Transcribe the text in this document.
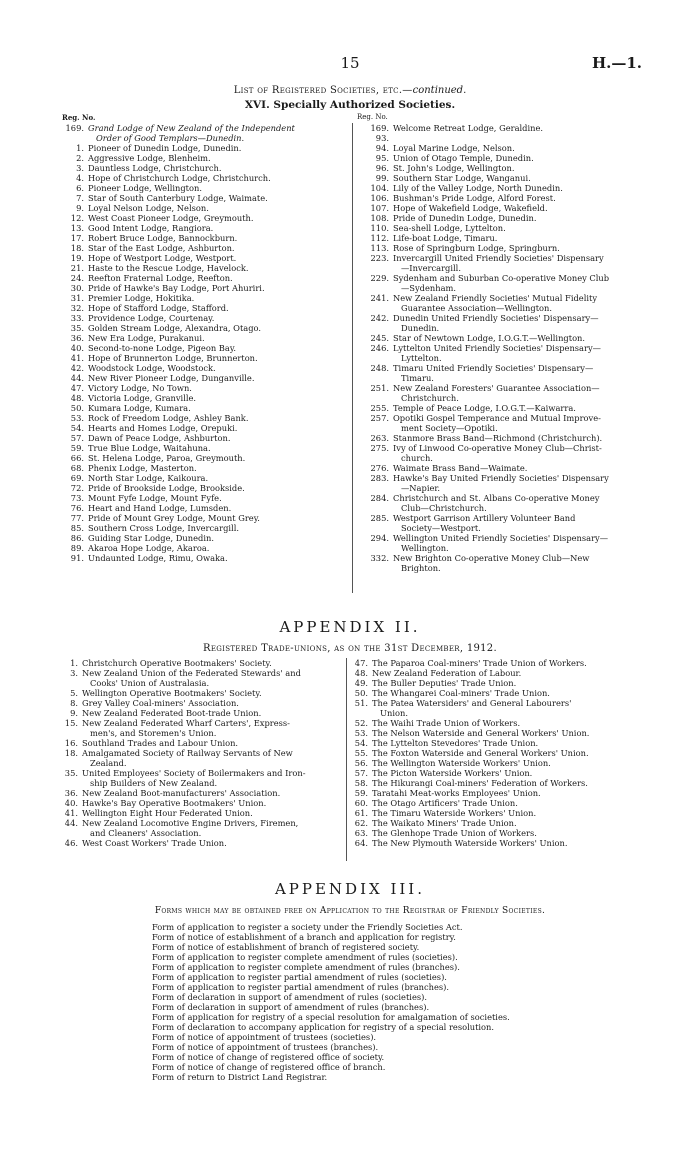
15	H.—1.
List of Registered Societies, etc.—continued.
XVI. Specially Authorized Societies.
Reg. No.	Reg. No.
169. Grand Lodge of New Zealand of the Independent
Order of Good Templars—Dunedin.
1. Pioneer of Dunedin Lodge, Dunedin.
2. Aggressive Lodge, Blenheim.
3. Dauntless Lodge, Christchurch.
4. Hope of Christchurch Lodge, Christchurch.
6. Pioneer Lodge, Wellington.
7. Star of South Canterbury Lodge, Waimate.
9. Loyal Nelson Lodge, Nelson.
12. West Coast Pioneer Lodge, Greymouth.
13. Good Intent Lodge, Rangiora.
17. Robert Bruce Lodge, Bannockburn.
18. Star of the East Lodge, Ashburton.
19. Hope of Westport Lodge, Westport.
21. Haste to the Rescue Lodge, Havelock.
24. Reefton Fraternal Lodge, Reefton.
30. Pride of Hawke's Bay Lodge, Port Ahuriri.
31. Premier Lodge, Hokitika.
32. Hope of Stafford Lodge, Stafford.
33. Providence Lodge, Courtenay.
35. Golden Stream Lodge, Alexandra, Otago.
36. New Era Lodge, Purakanui.
40. Second-to-none Lodge, Pigeon Bay.
41. Hope of Brunnerton Lodge, Brunnerton.
42. Woodstock Lodge, Woodstock.
44. New River Pioneer Lodge, Dunganville.
47. Victory Lodge, No Town.
48. Victoria Lodge, Granville.
50. Kumara Lodge, Kumara.
53. Rock of Freedom Lodge, Ashley Bank.
54. Hearts and Homes Lodge, Orepuki.
57. Dawn of Peace Lodge, Ashburton.
59. True Blue Lodge, Waitahuna.
66. St. Helena Lodge, Paroa, Greymouth.
68. Phenix Lodge, Masterton.
69. North Star Lodge, Kaikoura.
72. Pride of Brookside Lodge, Brookside.
73. Mount Fyfe Lodge, Mount Fyfe.
76. Heart and Hand Lodge, Lumsden.
77. Pride of Mount Grey Lodge, Mount Grey.
85. Southern Cross Lodge, Invercargill.
86. Guiding Star Lodge, Dunedin.
89. Akaroa Hope Lodge, Akaroa.
91. Undaunted Lodge, Rimu, Owaka.
169. 93.
Welcome Retreat Lodge, Geraldine.
94. Loyal Marine Lodge, Nelson.
95. Union of Otago Temple, Dunedin.
96. St. John's Lodge, Wellington.
99. Southern Star Lodge, Wanganui.
104. Lily of the Valley Lodge, North Dunedin.
106. Bushman's Pride Lodge, Alford Forest.
107. Hope of Wakefield Lodge, Wakefield.
108. Pride of Dunedin Lodge, Dunedin.
110. Sea-shell Lodge, Lyttelton.
112. Life-boat Lodge, Timaru.
113. Rose of Springburn Lodge, Springburn.
223. Invercargill United Friendly Societies' Dispensary
—Invercargill.
229. Sydenham and Suburban Co-operative Money Club
—Sydenham.
241. New Zealand Friendly Societies' Mutual Fidelity
Guarantee Association—Wellington.
242. Dunedin United Friendly Societies' Dispensary—
Dunedin.
245. Star of Newtown Lodge, I.O.G.T.—Wellington.
246. Lyttelton United Friendly Societies' Dispensary—
Lyttelton.
248. Timaru United Friendly Societies' Dispensary—
Timaru.
251. New Zealand Foresters' Guarantee Association—
Christchurch.
255. Temple of Peace Lodge, I.O.G.T.—Kaiwarra.
257. Opotiki Gospel Temperance and Mutual Improve-
ment Society—Opotiki.
263. Stanmore Brass Band—Richmond (Christchurch).
275. Ivy of Linwood Co-operative Money Club—Christ-
church.
276. Waimate Brass Band—Waimate.
283. Hawke's Bay United Friendly Societies' Dispensary
—Napier.
284. Christchurch and St. Albans Co-operative Money
Club—Christchurch.
285. Westport Garrison Artillery Volunteer Band
Society—Westport.
294. Wellington United Friendly Societies' Dispensary—
Wellington.
332. New Brighton Co-operative Money Club—New
Brighton.
APPENDIX II.
Registered Trade-unions, as on the 31st December, 1912.
1. Christchurch Operative Bootmakers' Society.
3. New Zealand Union of the Federated Stewards' and
Cooks' Union of Australasia.
5. Wellington Operative Bootmakers' Society.
8. Grey Valley Coal-miners' Association.
9. New Zealand Federated Boot-trade Union.
15. New Zealand Federated Wharf Carters', Express-
men's, and Storemen's Union.
16. Southland Trades and Labour Union.
18. Amalgamated Society of Railway Servants of New
Zealand.
35. United Employees' Society of Boilermakers and Iron-
ship Builders of New Zealand.
36. New Zealand Boot-manufacturers' Association.
40. Hawke's Bay Operative Bootmakers' Union.
41. Wellington Eight Hour Federated Union.
44. New Zealand Locomotive Engine Drivers, Firemen,
and Cleaners' Association.
46. West Coast Workers' Trade Union.
47. The Paparoa Coal-miners' Trade Union of Workers.
48. New Zealand Federation of Labour.
49. The Buller Deputies' Trade Union.
50. The Whangarei Coal-miners' Trade Union.
51. The Patea Watersiders' and General Labourers'
Union.
52. The Waihi Trade Union of Workers.
53. The Nelson Waterside and General Workers' Union.
54. The Lyttelton Stevedores' Trade Union.
55. The Foxton Waterside and General Workers' Union.
56. The Wellington Waterside Workers' Union.
57. The Picton Waterside Workers' Union.
58. The Hikurangi Coal-miners' Federation of Workers.
59. Taratahi Meat-works Employees' Union.
60. The Otago Artificers' Trade Union.
61. The Timaru Waterside Workers' Union.
62. The Waikato Miners' Trade Union.
63. The Glenhope Trade Union of Workers.
64. The New Plymouth Waterside Workers' Union.
APPENDIX III.
Forms which may be obtained free on Application to the Registrar of Friendly Societies.
Form of application to register a society under the Friendly Societies Act.
Form of notice of establishment of a branch and application for registry.
Form of notice of establishment of branch of registered society.
Form of application to register complete amendment of rules (societies).
Form of application to register complete amendment of rules (branches).
Form of application to register partial amendment of rules (societies).
Form of application to register partial amendment of rules (branches).
Form of declaration in support of amendment of rules (societies).
Form of declaration in support of amendment of rules (branches).
Form of application for registry of a special resolution for amalgamation of societies.
Form of declaration to accompany application for registry of a special resolution.
Form of notice of appointment of trustees (societies).
Form of notice of appointment of trustees (branches).
Form of notice of change of registered office of society.
Form of notice of change of registered office of branch.
Form of return to District Land Registrar.
